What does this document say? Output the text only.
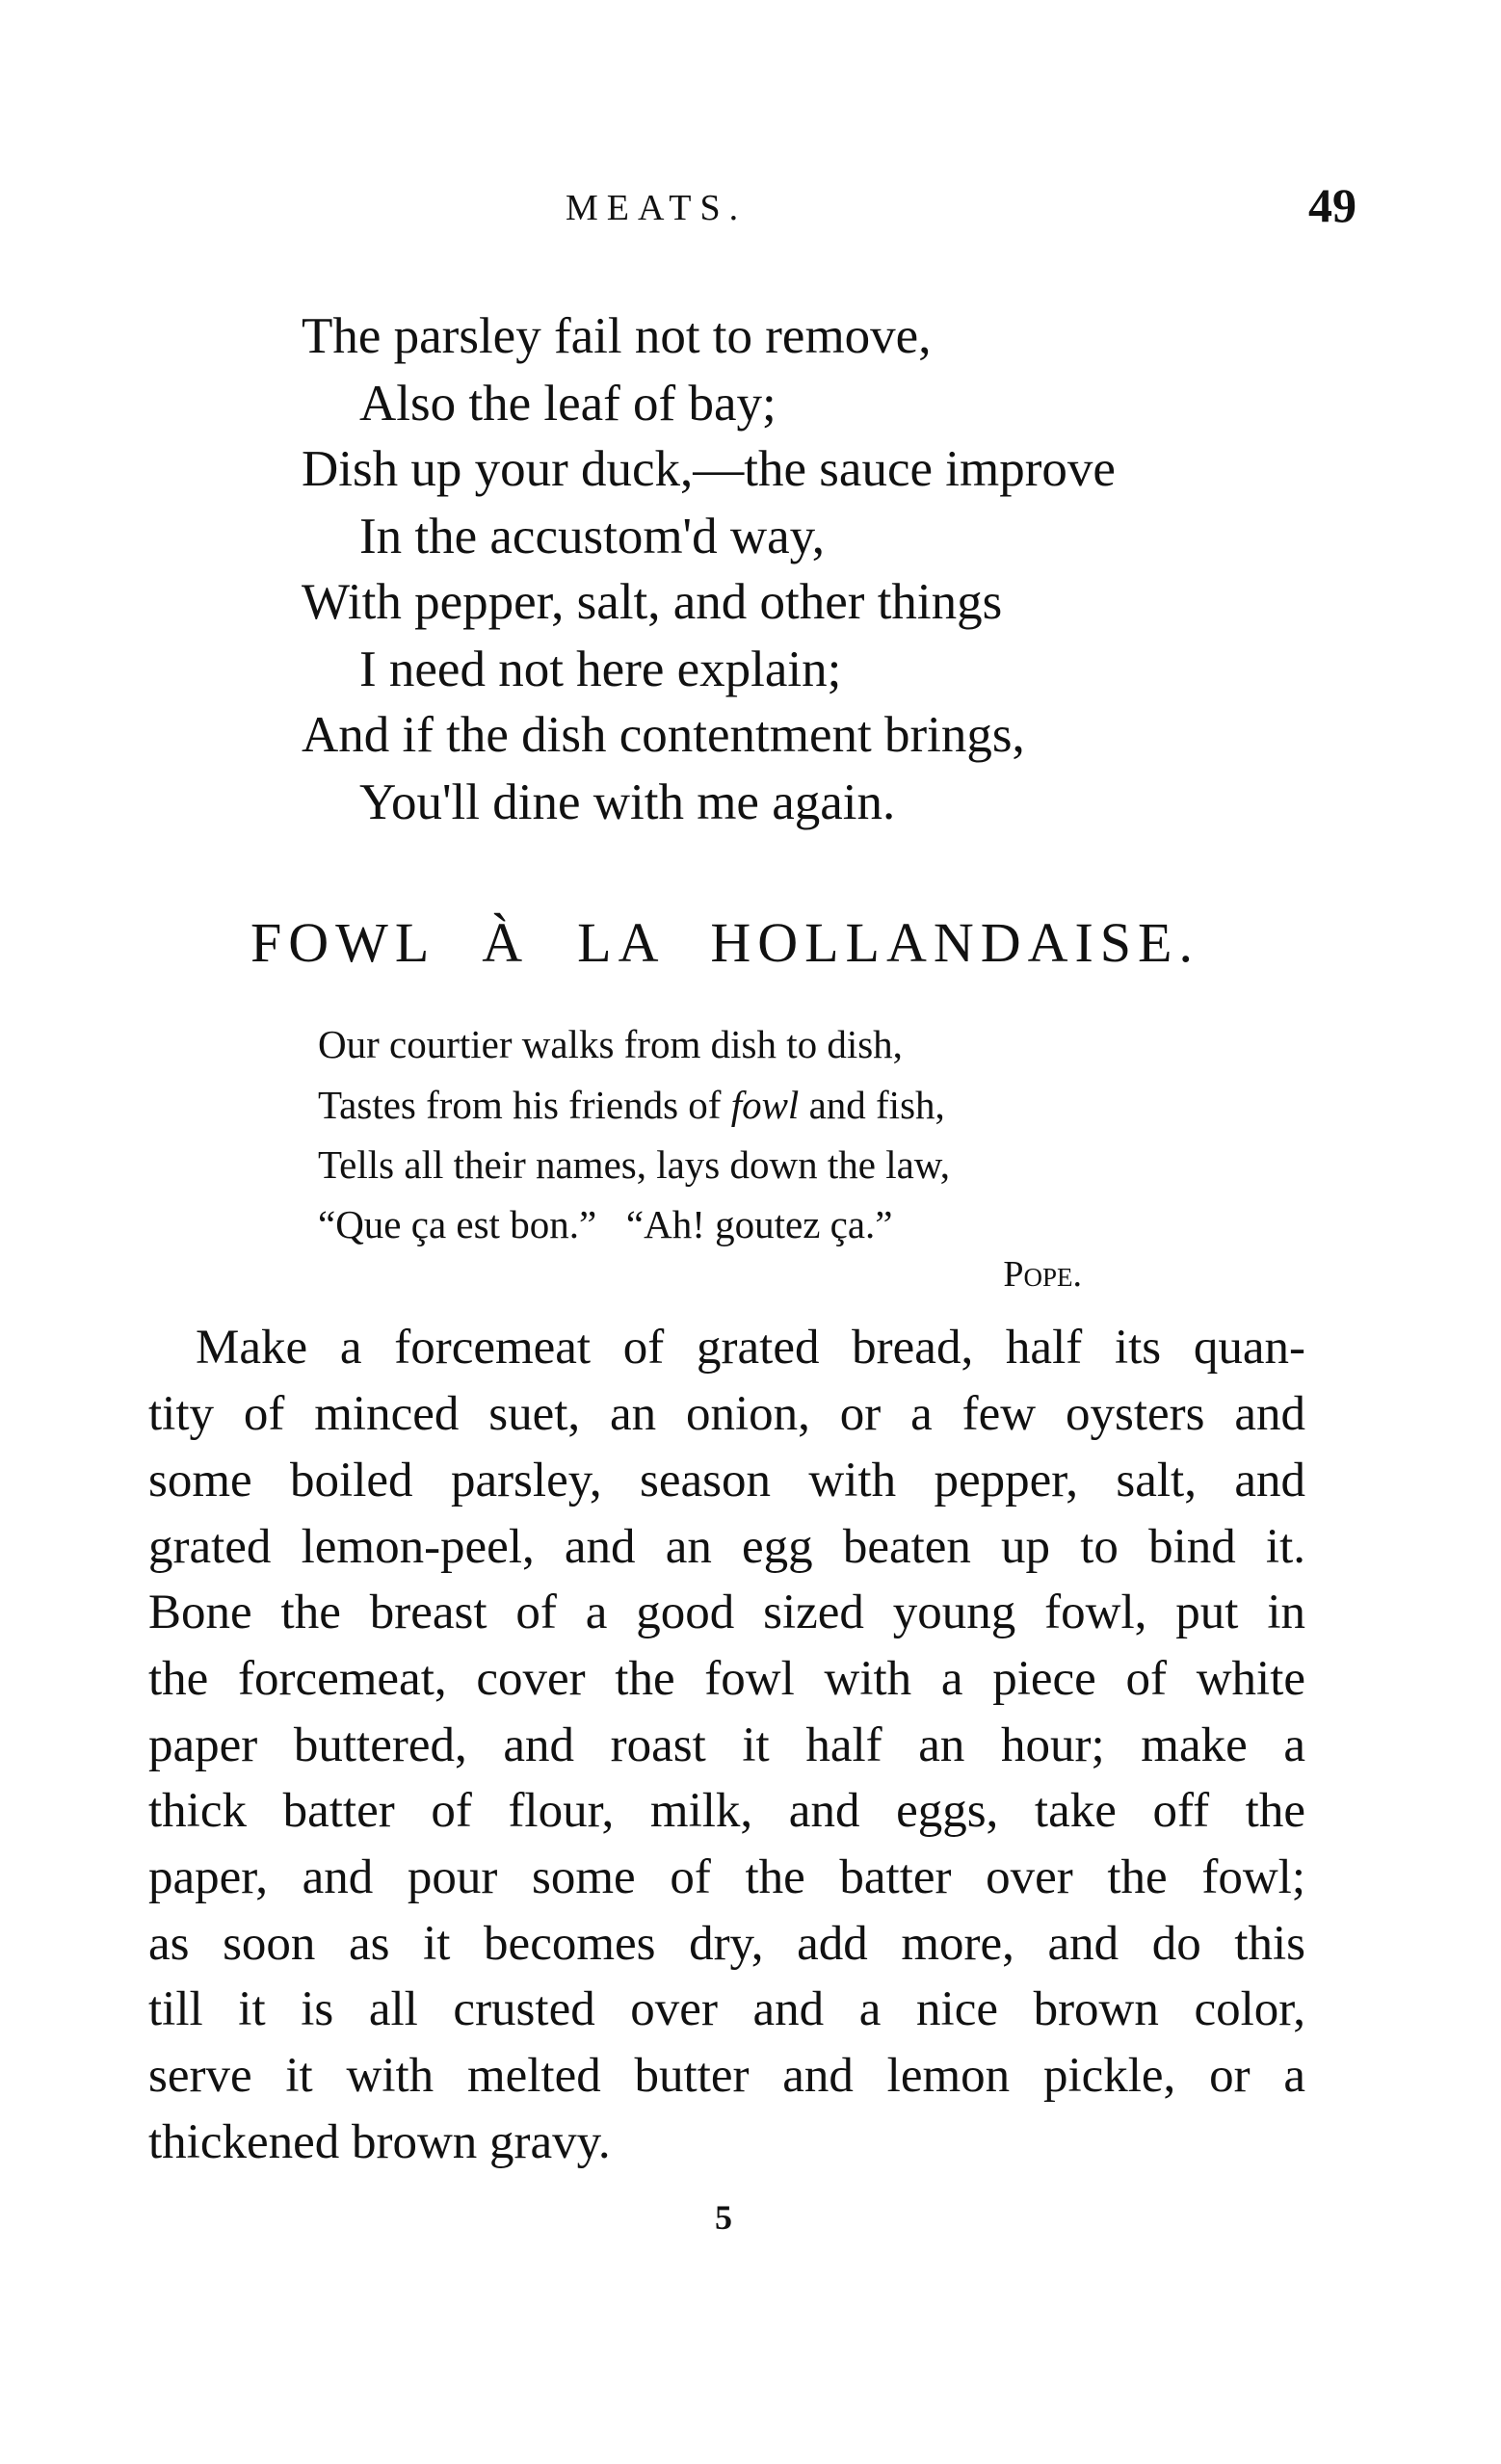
MEATS.	49
The parsley fail not to remove,
Also the leaf of bay;
Dish up your duck,—the sauce improve
In the accustom'd way,
With pepper, salt, and other things
I need not here explain;
And if the dish contentment brings,
You'll dine with me again.
FOWL À LA HOLLANDAISE.
Our courtier walks from dish to dish,
Tastes from his friends of fowl and fish,
Tells all their names, lays down the law,
“Que ça est bon.”   “Ah! goutez ça.”
Pope.
Make a forcemeat of grated bread, half its quan-
tity of minced suet, an onion, or a few oysters and
some boiled parsley, season with pepper, salt, and
grated lemon-peel, and an egg beaten up to bind it.
Bone the breast of a good sized young fowl, put in
the forcemeat, cover the fowl with a piece of white
paper buttered, and roast it half an hour; make a
thick batter of flour, milk, and eggs, take off the
paper, and pour some of the batter over the fowl;
as soon as it becomes dry, add more, and do this
till it is all crusted over and a nice brown color,
serve it with melted butter and lemon pickle, or a
thickened brown gravy.
5
